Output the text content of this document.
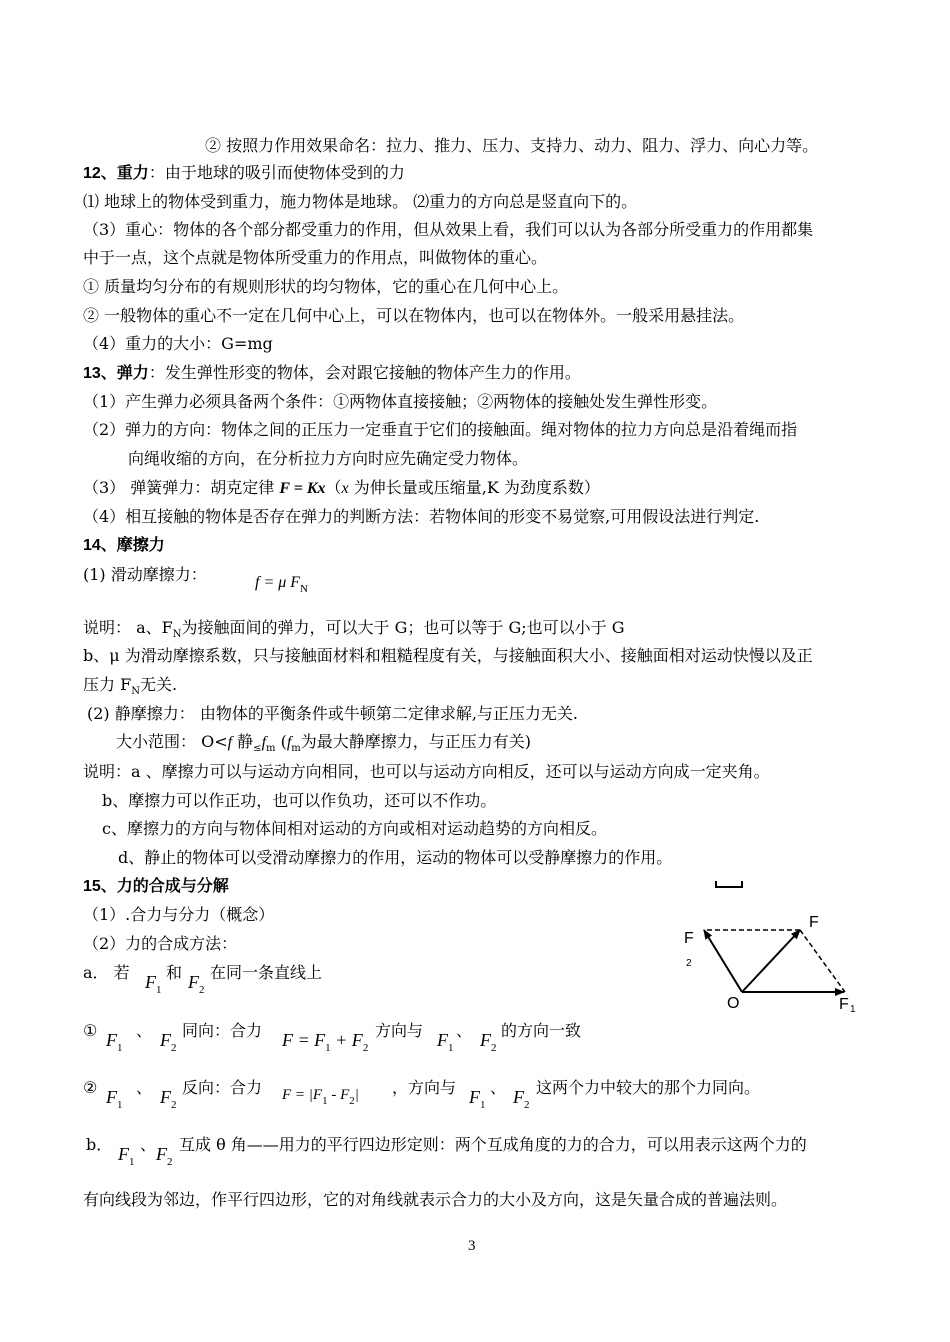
② 按照力作用效果命名：拉力、推力、压力、支持力、动力、阻力、浮力、向心力等。
12、重力：由于地球的吸引而使物体受到的力
⑴ 地球上的物体受到重力，施力物体是地球。 ⑵重力的方向总是竖直向下的。
（3）重心：物体的各个部分都受重力的作用，但从效果上看，我们可以认为各部分所受重力的作用都集
中于一点，这个点就是物体所受重力的作用点，叫做物体的重心。
① 质量均匀分布的有规则形状的均匀物体，它的重心在几何中心上。
② 一般物体的重心不一定在几何中心上，可以在物体内，也可以在物体外。一般采用悬挂法。
（4）重力的大小：G=mg
13、弹力：发生弹性形变的物体，会对跟它接触的物体产生力的作用。
（1）产生弹力必须具备两个条件：①两物体直接接触；②两物体的接触处发生弹性形变。
（2）弹力的方向：物体之间的正压力一定垂直于它们的接触面。绳对物体的拉力方向总是沿着绳而指
向绳收缩的方向，在分析拉力方向时应先确定受力物体。
（3） 弹簧弹力：胡克定律 F = Kx（x 为伸长量或压缩量,K 为劲度系数）
（4）相互接触的物体是否存在弹力的判断方法：若物体间的形变不易觉察,可用假设法进行判定.
14、摩擦力
(1) 滑动摩擦力：	f = μ $F_N$
说明： a、$F_N$为接触面间的弹力，可以大于 G；也可以等于 G;也可以小于 G
b、μ 为滑动摩擦系数，只与接触面材料和粗糙程度有关，与接触面积大小、接触面相对运动快慢以及正
压力 $F_N$无关.
(2) 静摩擦力： 由物体的平衡条件或牛顿第二定律求解,与正压力无关.
大小范围： O<f 静$_\le f_m$ ($f_m$为最大静摩擦力，与正压力有关)
说明：a 、摩擦力可以与运动方向相同，也可以与运动方向相反，还可以与运动方向成一定夹角。
b、摩擦力可以作正功，也可以作负功，还可以不作功。
c、摩擦力的方向与物体间相对运动的方向或相对运动趋势的方向相反。
d、静止的物体可以受滑动摩擦力的作用，运动的物体可以受静摩擦力的作用。
15、力的合成与分解
（1）.合力与分力（概念）
（2）力的合成方法：
a． 若 $F_1$
和 $F_2$
在同一条直线上
① $F_1$
、 $F_2$
同向：合力 $F = F_1 + F_2$
方向与 $F_1$
、 $F_2$
的方向一致
② $F_1$
、 $F_2$
反向：合力 $F = |F_1 - F_2|$ ，方向与 $F_1$
、 $F_2$
这两个力中较大的那个力同向。
b． $F_1$
、 $F_2$
互成 θ 角——用力的平行四边形定则：两个互成角度的力的合力，可以用表示这两个力的
有向线段为邻边，作平行四边形，它的对角线就表示合力的大小及方向，这是矢量合成的普遍法则。
F
F
2
O	F 1
3
